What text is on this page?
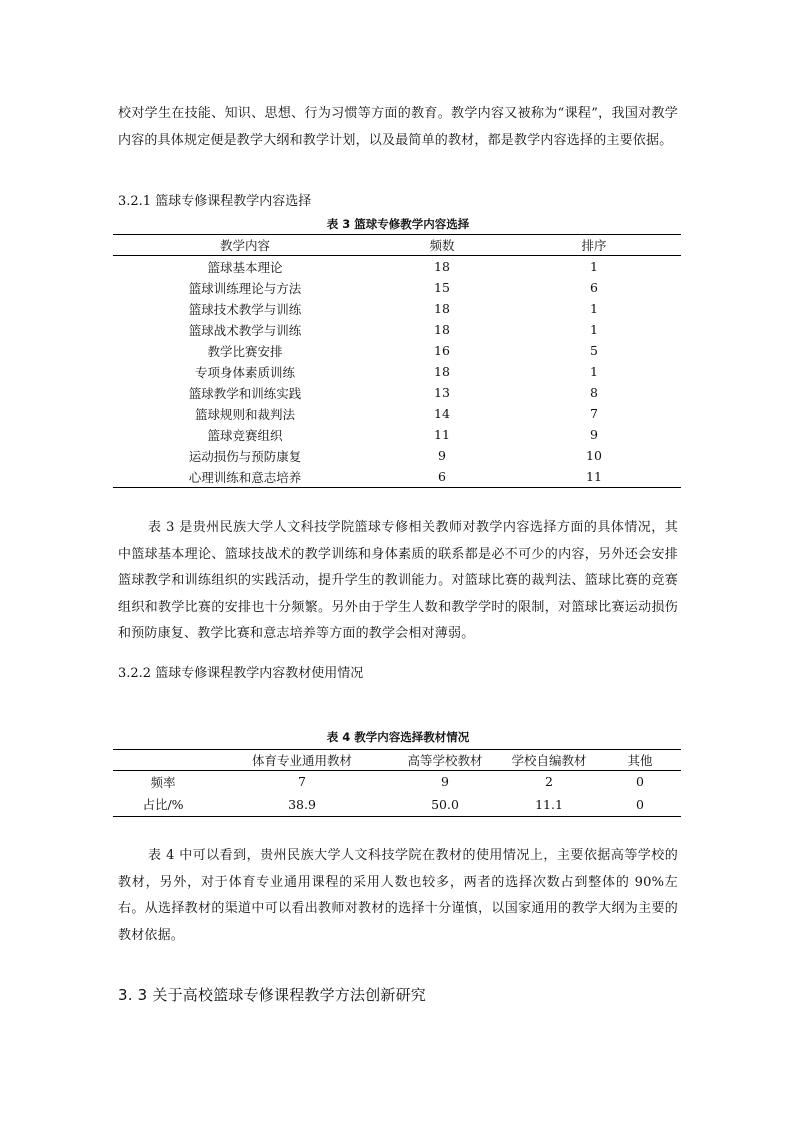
校对学生在技能、知识、思想、行为习惯等方面的教育。教学内容又被称为“课程”，我国对教学内容的具体规定便是教学大纲和教学计划，以及最简单的教材，都是教学内容选择的主要依据。

3.2.1 篮球专修课程教学内容选择

表 3 篮球专修教学内容选择

教学内容	频数	排序
篮球基本理论	18	1
篮球训练理论与方法	15	6
篮球技术教学与训练	18	1
篮球战术教学与训练	18	1
教学比赛安排	16	5
专项身体素质训练	18	1
篮球教学和训练实践	13	8
篮球规则和裁判法	14	7
篮球竞赛组织	11	9
运动损伤与预防康复	9	10
心理训练和意志培养	6	11

表 3 是贵州民族大学人文科技学院篮球专修相关教师对教学内容选择方面的具体情况，其中篮球基本理论、篮球技战术的教学训练和身体素质的联系都是必不可少的内容，另外还会安排篮球教学和训练组织的实践活动，提升学生的教训能力。对篮球比赛的裁判法、篮球比赛的竞赛组织和教学比赛的安排也十分频繁。另外由于学生人数和教学学时的限制，对篮球比赛运动损伤和预防康复、教学比赛和意志培养等方面的教学会相对薄弱。

3.2.2 篮球专修课程教学内容教材使用情况

表 4 教学内容选择教材情况

	体育专业通用教材	高等学校教材	学校自编教材	其他
频率	7	9	2	0
占比/%	38.9	50.0	11.1	0

表 4 中可以看到，贵州民族大学人文科技学院在教材的使用情况上，主要依据高等学校的教材，另外，对于体育专业通用课程的采用人数也较多，两者的选择次数占到整体的 90%左右。从选择教材的渠道中可以看出教师对教材的选择十分谨慎，以国家通用的教学大纲为主要的教材依据。

3. 3 关于高校篮球专修课程教学方法创新研究
